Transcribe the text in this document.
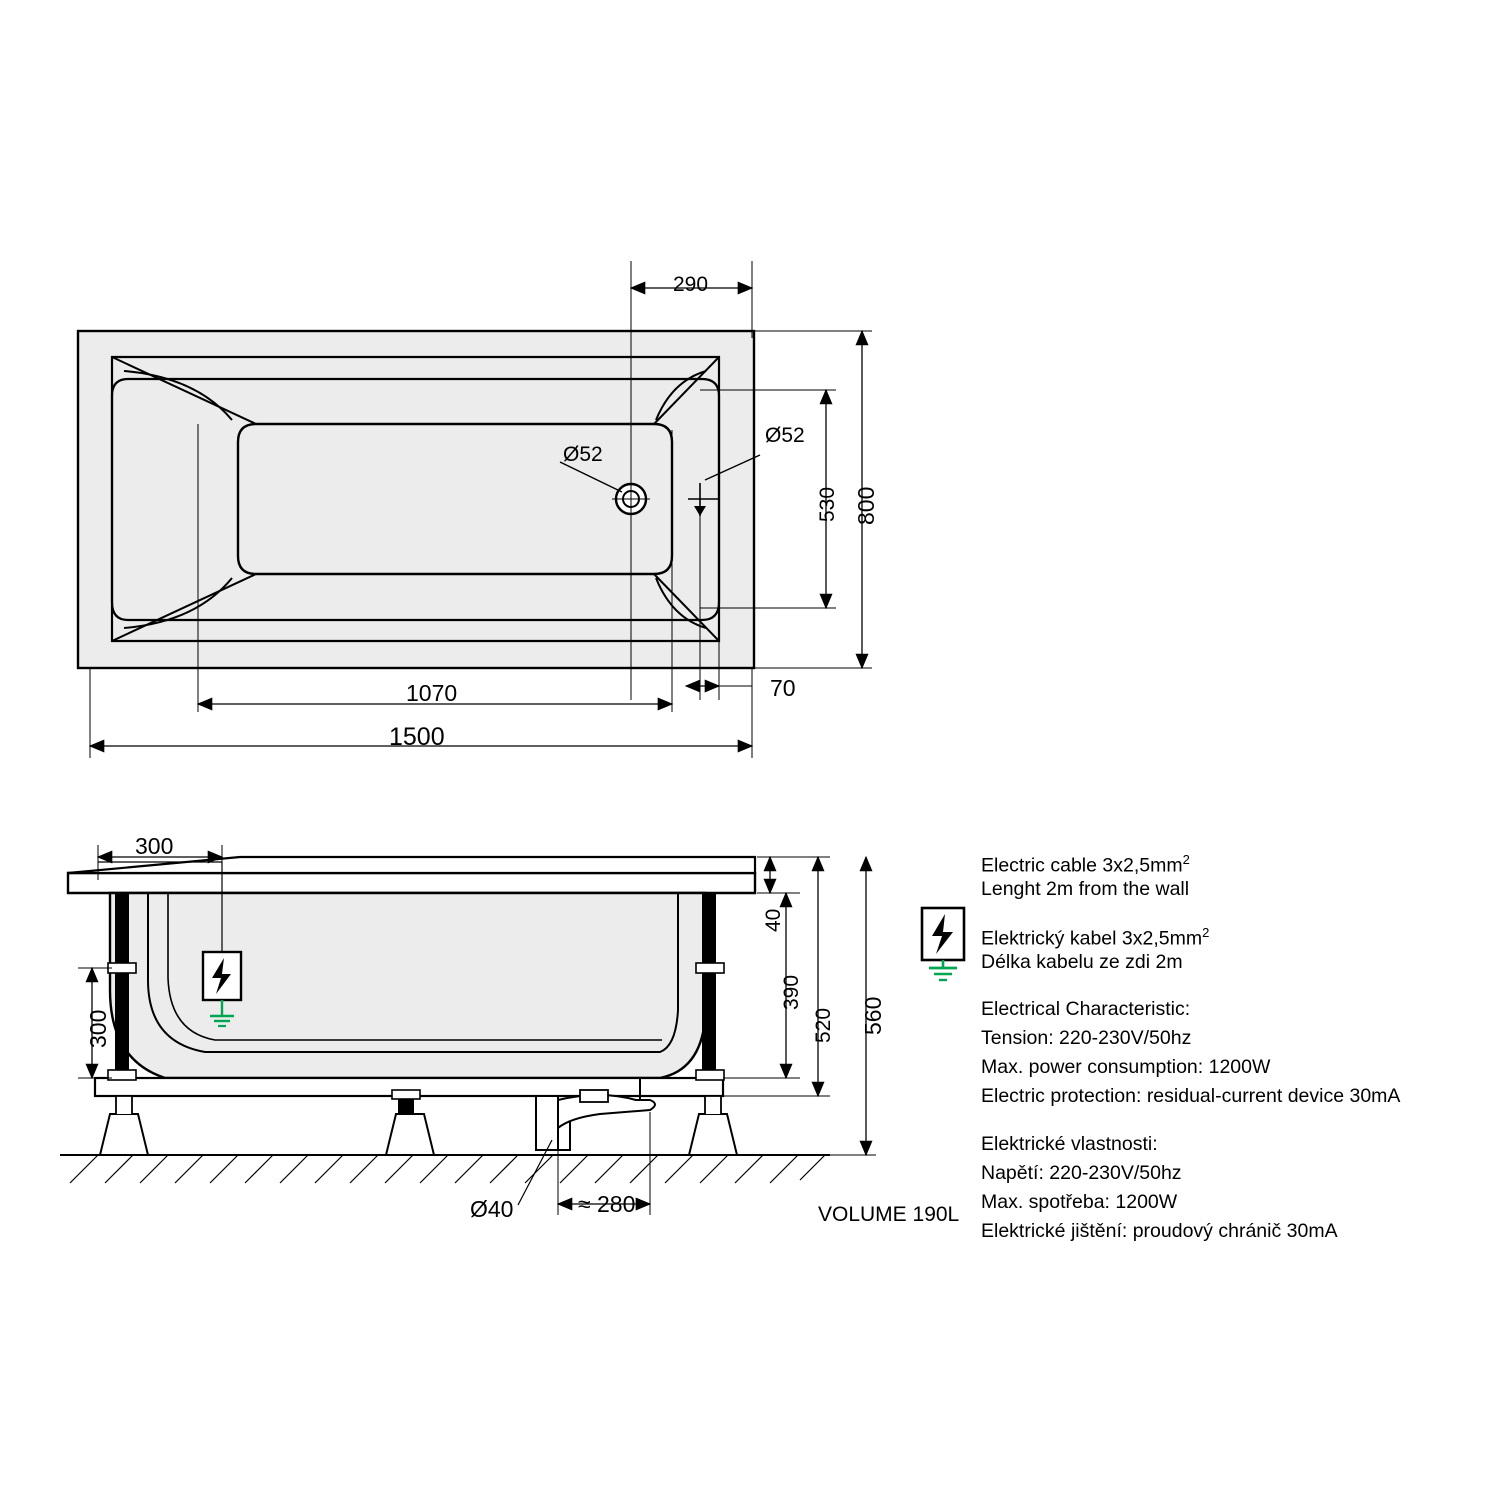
290
Ø52
Ø52
530 800
1070	70
1500
300
300
40
390
520 560
Ø40	≈ 280	VOLUME 190L
Electric cable $3x2,5mm^2$
Lenght 2m from the wall
Elektrický kabel $3x2,5mm^2$
Délka kabelu ze zdi 2m
Electrical Characteristic:
Tension: 220-230V/50hz
Max. power consumption: 1200W
Electric protection: residual-current device 30mA
Elektrické vlastnosti:
Napětí: 220-230V/50hz
Max. spotřeba: 1200W
Elektrické jištění: proudový chránič 30mA
